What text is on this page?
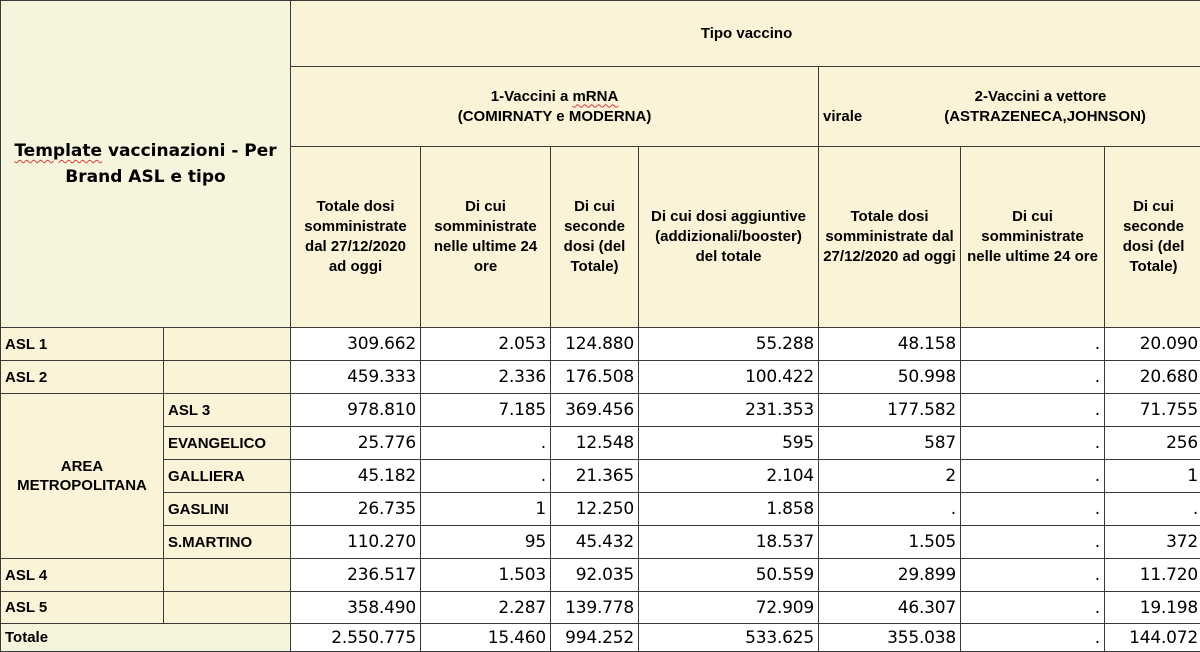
Template vaccinazioni - Per
Brand ASL e tipo		Tipo vaccino						
		1-Vaccini a mRNA
(COMIRNATY e MODERNA)				2-Vaccini a vettore
virale (ASTRAZENECA,JOHNSON)		

		Totale dosi somministrate dal 27/12/2020 ad oggi	Di cui somministrate nelle ultime 24 ore	Di cui seconde dosi (del Totale)	Di cui dosi aggiuntive (addizionali/booster) del totale	Totale dosi somministrate dal 27/12/2020 ad oggi	Di cui somministrate nelle ultime 24 ore	Di cui seconde dosi (del Totale)
ASL 1		309.662	2.053	124.880	55.288	48.158	.	20.090
ASL 2		459.333	2.336	176.508	100.422	50.998	.	20.680
AREA
METROPOLITANA	ASL 3	978.810	7.185	369.456	231.353	177.582	.	71.755
	EVANGELICO	25.776	.	12.548	595	587	.	256
	GALLIERA	45.182	.	21.365	2.104	2	.	1
	GASLINI	26.735	1	12.250	1.858	.	.	.
	S.MARTINO	110.270	95	45.432	18.537	1.505	.	372
ASL 4		236.517	1.503	92.035	50.559	29.899	.	11.720
ASL 5		358.490	2.287	139.778	72.909	46.307	.	19.198
Totale		2.550.775	15.460	994.252	533.625	355.038	.	144.072
